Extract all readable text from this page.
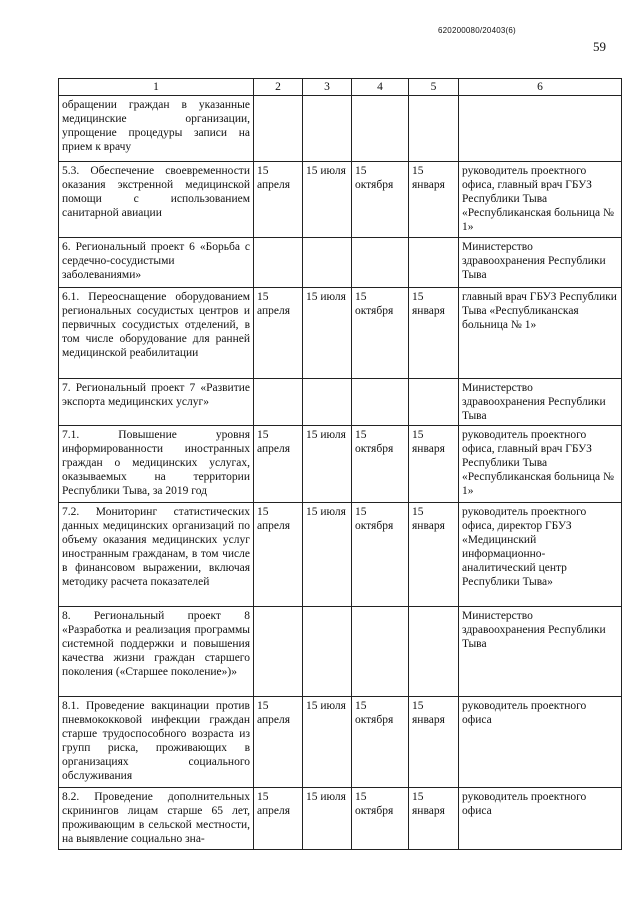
620200080/20403(6)
59
1	2	3	4	5	6
обращении граждан в указанные медицинские организации, упрощение процедуры записи на прием к врачу					
5.3. Обеспечение своевременности оказания экстренной медицинской помощи с использованием санитарной авиации	15 апреля	15 июля	15 октября	15 января	руководитель проектного офиса, главный врач ГБУЗ Республики Тыва «Республиканская больница № 1»
6. Региональный проект 6 «Борьба с сердечно-сосудистыми заболеваниями»					Министерство здравоохранения Республики Тыва
6.1. Переоснащение оборудованием региональных сосудистых центров и первичных сосудистых отделений, в том числе оборудование для ранней медицинской реабилитации	15 апреля	15 июля	15 октября	15 января	главный врач ГБУЗ Республики Тыва «Республиканская больница № 1»
7. Региональный проект 7 «Развитие экспорта медицинских услуг»					Министерство здравоохранения Республики Тыва
7.1. Повышение уровня информированности иностранных граждан о медицинских услугах, оказываемых на территории Республики Тыва, за 2019 год	15 апреля	15 июля	15 октября	15 января	руководитель проектного офиса, главный врач ГБУЗ Республики Тыва «Республиканская больница № 1»
7.2. Мониторинг статистических данных медицинских организаций по объему оказания медицинских услуг иностранным гражданам, в том числе в финансовом выражении, включая методику расчета показателей	15 апреля	15 июля	15 октября	15 января	руководитель проектного офиса, директор ГБУЗ «Медицинский информационно-аналитический центр Республики Тыва»
8. Региональный проект 8 «Разработка и реализация программы системной поддержки и повышения качества жизни граждан старшего поколения («Старшее поколение»)»					Министерство здравоохранения Республики Тыва
8.1. Проведение вакцинации против пневмококковой инфекции граждан старше трудоспособного возраста из групп риска, проживающих в организациях социального обслуживания	15 апреля	15 июля	15 октября	15 января	руководитель проектного офиса
8.2. Проведение дополнительных скринингов лицам старше 65 лет, проживающим в сельской местности, на выявление социально зна-	15 апреля	15 июля	15 октября	15 января	руководитель проектного офиса
